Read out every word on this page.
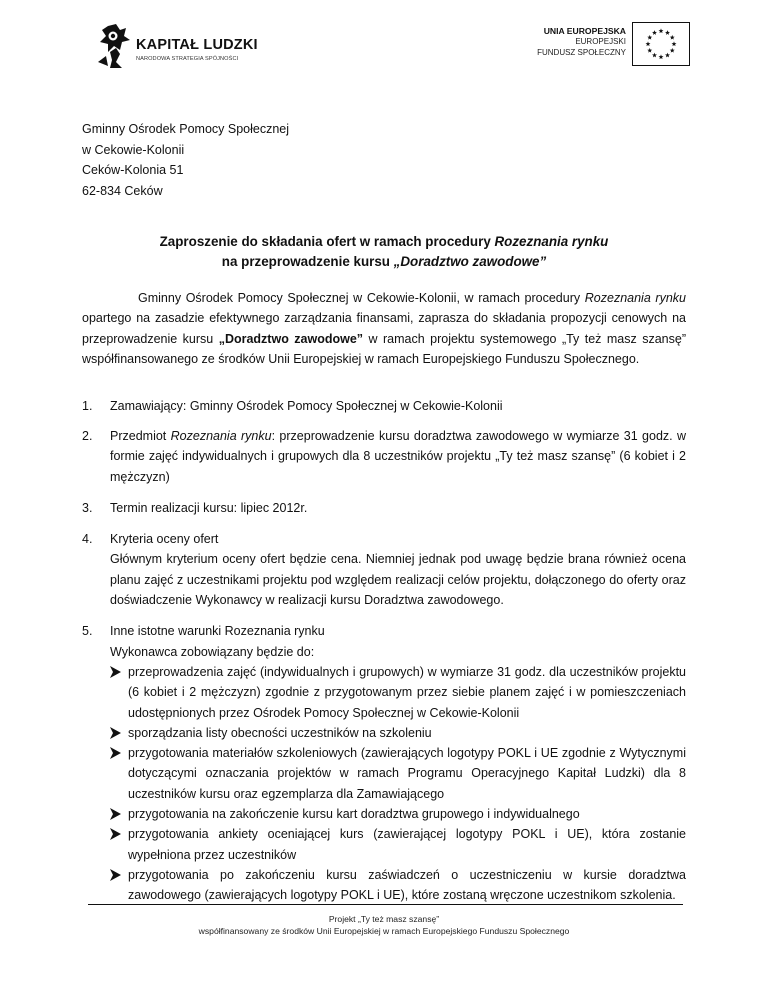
KAPITAŁ LUDZKI
NARODOWA STRATEGIA SPÓJNOŚCI
UNIA EUROPEJSKA
EUROPEJSKI
FUNDUSZ SPOŁECZNY
Gminny Ośrodek Pomocy Społecznej
w Cekowie-Kolonii
Ceków-Kolonia 51
62-834 Ceków
Zaproszenie do składania ofert w ramach procedury Rozeznania rynku
na przeprowadzenie kursu „Doradztwo zawodowe”

Gminny Ośrodek Pomocy Społecznej w Cekowie-Kolonii, w ramach procedury Rozeznania rynku opartego na zasadzie efektywnego zarządzania finansami, zaprasza do składania propozycji cenowych na przeprowadzenie kursu „Doradztwo zawodowe” w ramach projektu systemowego „Ty też masz szansę” współfinansowanego ze środków Unii Europejskiej w ramach Europejskiego Funduszu Społecznego.

1. Zamawiający: Gminny Ośrodek Pomocy Społecznej w Cekowie-Kolonii
2. Przedmiot Rozeznania rynku: przeprowadzenie kursu doradztwa zawodowego w wymiarze 31 godz. w formie zajęć indywidualnych i grupowych dla 8 uczestników projektu „Ty też masz szansę” (6 kobiet i 2 mężczyzn)
3. Termin realizacji kursu: lipiec 2012r.
4. Kryteria oceny ofert
Głównym kryterium oceny ofert będzie cena. Niemniej jednak pod uwagę będzie brana również ocena planu zajęć z uczestnikami projektu pod względem realizacji celów projektu, dołączonego do oferty oraz doświadczenie Wykonawcy w realizacji kursu Doradztwa zawodowego.
5. Inne istotne warunki Rozeznania rynku
Wykonawca zobowiązany będzie do:
przeprowadzenia zajęć (indywidualnych i grupowych) w wymiarze 31 godz. dla uczestników projektu (6 kobiet i 2 mężczyzn) zgodnie z przygotowanym przez siebie planem zajęć i w pomieszczeniach udostępnionych przez Ośrodek Pomocy Społecznej w Cekowie-Kolonii
sporządzania listy obecności uczestników na szkoleniu
przygotowania materiałów szkoleniowych (zawierających logotypy POKL i UE zgodnie z Wytycznymi dotyczącymi oznaczania projektów w ramach Programu Operacyjnego Kapitał Ludzki) dla 8 uczestników kursu oraz egzemplarza dla Zamawiającego
przygotowania na zakończenie kursu kart doradztwa grupowego i indywidualnego
przygotowania ankiety oceniającej kurs (zawierającej logotypy POKL i UE), która zostanie wypełniona przez uczestników
przygotowania po zakończeniu kursu zaświadczeń o uczestniczeniu w kursie doradztwa zawodowego (zawierających logotypy POKL i UE), które zostaną wręczone uczestnikom szkolenia.
Projekt „Ty też masz szansę”
współfinansowany ze środków Unii Europejskiej w ramach Europejskiego Funduszu Społecznego
